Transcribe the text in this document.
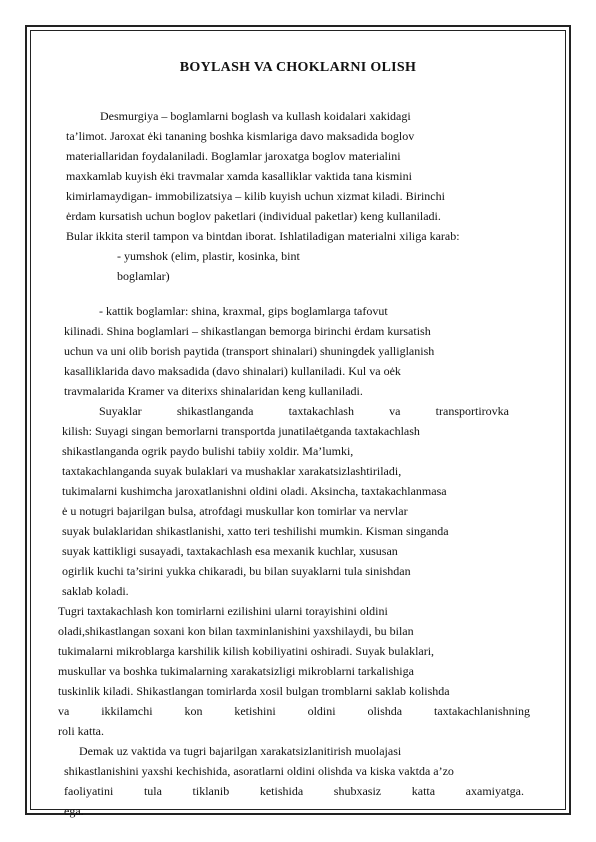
BOYLASH VA CHOKLARNI OLISH
Desmurgiya – boglamlarni boglash va kullash koidalari xakidagi
ta’limot. Jaroxat ėki tananing boshka kismlariga davo maksadida boglov
materiallaridan foydalaniladi. Boglamlar jaroxatga boglov materialini
maxkamlab kuyish ėki travmalar xamda kasalliklar vaktida tana kismini
kimirlamaydigan- immobilizatsiya – kilib kuyish uchun xizmat kiladi. Birinchi
ėrdam kursatish uchun boglov paketlari (individual paketlar) keng kullaniladi.
Bular ikkita steril tampon va bintdan iborat. Ishlatiladigan materialni xiliga karab:
- yumshok (elim, plastir, kosinka, bint
boglamlar)
- kattik boglamlar: shina, kraxmal, gips boglamlarga tafovut
kilinadi. Shina boglamlari – shikastlangan bemorga birinchi ėrdam kursatish
uchun va uni olib borish paytida (transport shinalari) shuningdek yalliglanish
kasalliklarida davo maksadida (davo shinalari) kullaniladi. Kul va oėk
travmalarida Kramer va diterixs shinalaridan keng kullaniladi.
Suyaklar shikastlanganda taxtakachlash va transportirovka
kilish: Suyagi singan bemorlarni transportda junatilaėtganda taxtakachlash
shikastlanganda ogrik paydo bulishi tabiiy xoldir. Ma’lumki,
taxtakachlanganda suyak bulaklari va mushaklar xarakatsizlashtiriladi,
tukimalarni kushimcha jaroxatlanishni oldini oladi. Aksincha, taxtakachlanmasa
ė u notugri bajarilgan bulsa, atrofdagi muskullar kon tomirlar va nervlar
suyak bulaklaridan shikastlanishi, xatto teri teshilishi mumkin. Kisman singanda
suyak kattikligi susayadi, taxtakachlash esa mexanik kuchlar, xususan
ogirlik kuchi ta’sirini yukka chikaradi, bu bilan suyaklarni tula sinishdan
saklab koladi.
Tugri taxtakachlash kon tomirlarni ezilishini ularni torayishini oldini
oladi,shikastlangan soxani kon bilan taxminlanishini yaxshilaydi, bu bilan
tukimalarni mikroblarga karshilik kilish kobiliyatini oshiradi. Suyak bulaklari,
muskullar va boshka tukimalarning xarakatsizligi mikroblarni tarkalishiga
tuskinlik kiladi. Shikastlangan tomirlarda xosil bulgan tromblarni saklab kolishda
va ikkilamchi kon ketishini oldini olishda taxtakachlanishning
roli katta.
Demak uz vaktida va tugri bajarilgan xarakatsizlanitirish muolajasi
shikastlanishini yaxshi kechishida, asoratlarni oldini olishda va kiska vaktda a’zo
faoliyatini tula tiklanib ketishida shubxasiz katta axamiyatga.
ega.
